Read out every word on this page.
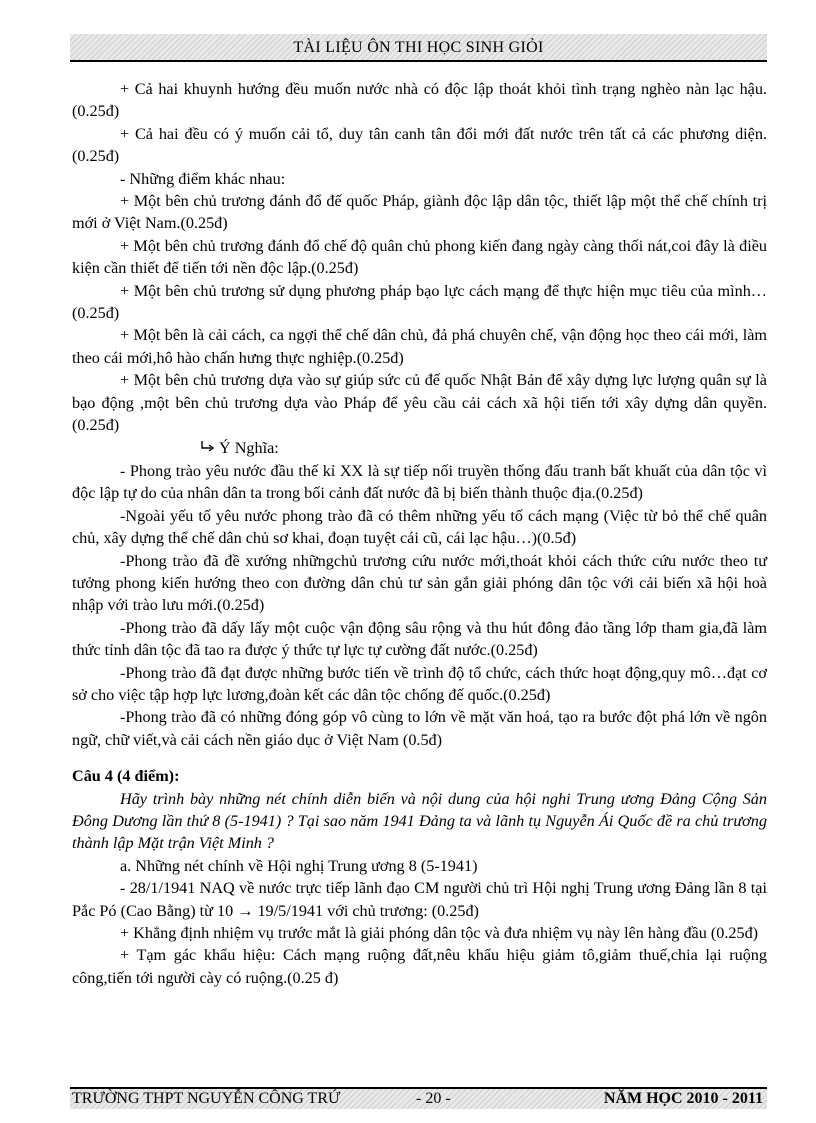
TÀI LIỆU ÔN THI HỌC SINH GIỎI

+ Cả hai khuynh hướng đều muốn nước nhà có độc lập thoát khỏi tình trạng nghèo nàn lạc hậu.(0.25đ)

+ Cả hai đều có ý muốn cải tổ, duy tân canh tân đổi mới đất nước trên tất cả các phương diện. (0.25đ)

- Những điểm khác nhau:

+ Một bên chủ trương đánh đổ đế quốc Pháp, giành độc lập dân tộc, thiết lập một thể chế chính trị mới ở Việt Nam.(0.25đ)

+ Một bên chủ trương đánh đổ chế độ quân chủ phong kiến đang ngày càng thối nát,coi đây là điều kiện cần thiết để tiến tới nền độc lập.(0.25đ)

+ Một bên chủ trương sử dụng phương pháp bạo lực cách mạng để thực hiện mục tiêu của mình… (0.25đ)

+ Một bên là cải cách, ca ngợi thể chế dân chủ, đả phá chuyên chế, vận động học theo cái mới, làm theo cái mới,hô hào chấn hưng thực nghiệp.(0.25đ)

+ Một bên chủ trương dựa vào sự giúp sức củ đế quốc Nhật Bản để xây dựng lực lượng quân sự là bạo động ,một bên chủ trương dựa vào Pháp để yêu cầu cải cách xã hội tiến tới xây dựng dân quyền. (0.25đ)

Ý Nghĩa:

- Phong trào yêu nước đầu thế kỉ XX là sự tiếp nối truyền thống đấu tranh bất khuất của dân tộc vì độc lập tự do của nhân dân ta trong bối cảnh đất nước đã bị biến thành thuộc địa.(0.25đ)

-Ngoài yếu tố yêu nước phong trào đã có thêm những yếu tố cách mạng (Việc từ bỏ thể chế quân chủ, xây dựng thể chế dân chủ sơ khai, đoạn tuyệt cái cũ, cái lạc hậu…)(0.5đ)

-Phong trào đã đề xướng nhữngchủ trương cứu nước mới,thoát khỏi cách thức cứu nước theo tư tưởng phong kiến hướng theo con đường dân chủ tư sản gắn giải phóng dân tộc với cải biến xã hội hoà nhập với trào lưu mới.(0.25đ)

-Phong trào đã dấy lấy một cuộc vận động sâu rộng và thu hút đông đảo tầng lớp tham gia,đã làm thức tỉnh dân tộc đã tao ra được ý thức tự lực tự cường đất nước.(0.25đ)

-Phong trào đã đạt được những bước tiến về trình độ tổ chức, cách thức hoạt động,quy mô…đạt cơ sở cho việc tập hợp lực lương,đoàn kết các dân tộc chống đế quốc.(0.25đ)

-Phong trào đã có những đóng góp vô cùng to lớn về mặt văn hoá, tạo ra bước đột phá lớn về ngôn ngữ, chữ viết,và cải cách nền giáo dục ở Việt Nam (0.5đ)

Câu 4 (4 điểm):

Hãy trình bày những nét chính diễn biến và nội dung của hội nghi Trung ương Đảng Cộng Sản Đông Dương lần thứ 8 (5-1941) ? Tại sao năm 1941 Đảng ta và lãnh tụ Nguyễn Ái Quốc đề ra chủ trương thành lập Mặt trận Việt Minh ?

a. Những nét chính về Hội nghị Trung ương 8 (5-1941)

- 28/1/1941 NAQ về nước trực tiếp lãnh đạo CM người chủ trì Hội nghị Trung ương Đảng lần 8 tại Pắc Pó (Cao Bằng) từ 10 → 19/5/1941 với chủ trương: (0.25đ)

+ Khẳng định nhiệm vụ trước mắt là giải phóng dân tộc và đưa nhiệm vụ này lên hàng đầu (0.25đ)

+ Tạm gác khẩu hiệu: Cách mạng ruộng đất,nêu khẩu hiệu giảm tô,giảm thuế,chia lại ruộng công,tiến tới người cày có ruộng.(0.25 đ)

TRƯỜNG THPT NGUYỄN CÔNG TRỨ	- 20 -	NĂM HỌC 2010 - 2011
